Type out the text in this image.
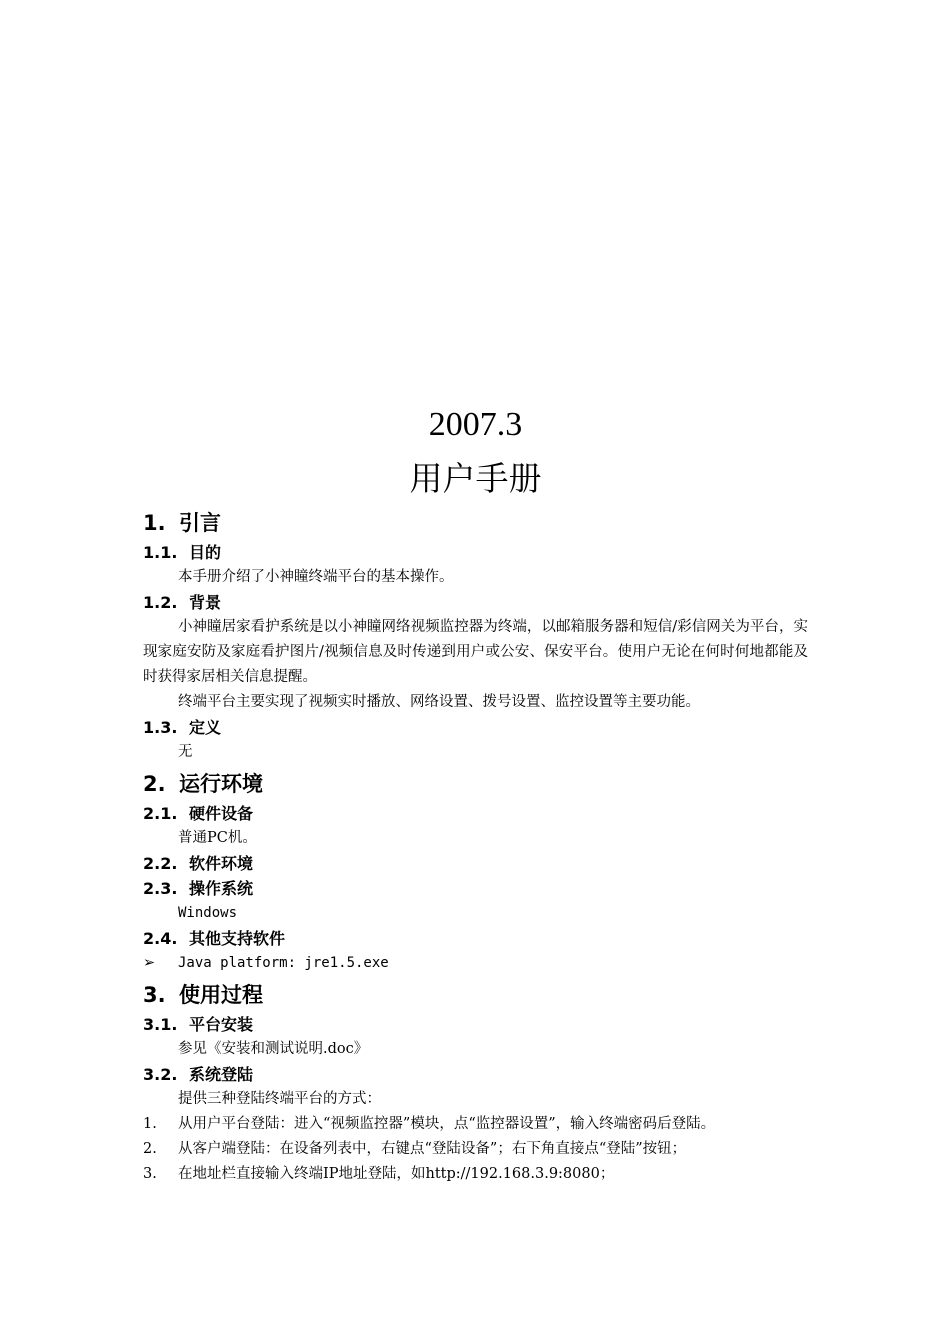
2007.3
用户手册
1. 引言
1.1. 目的

本手册介绍了小神瞳终端平台的基本操作。

1.2. 背景

小神瞳居家看护系统是以小神瞳网络视频监控器为终端，以邮箱服务器和短信/彩信网关为平台，实现家庭安防及家庭看护图片/视频信息及时传递到用户或公安、保安平台。使用户无论在何时何地都能及时获得家居相关信息提醒。

终端平台主要实现了视频实时播放、网络设置、拨号设置、监控设置等主要功能。

1.3. 定义

无

2. 运行环境
2.1. 硬件设备

普通PC机。

2.2. 软件环境
2.3. 操作系统

Windows

2.4. 其他支持软件
➢	Java platform: jre1.5.exe
3. 使用过程
3.1. 平台安装

参见《安装和测试说明.doc》

3.2. 系统登陆

提供三种登陆终端平台的方式：

1.	从用户平台登陆：进入“视频监控器”模块，点“监控器设置”，输入终端密码后登陆。
2.	从客户端登陆：在设备列表中，右键点“登陆设备”；右下角直接点“登陆”按钮；
3.	在地址栏直接输入终端IP地址登陆，如http://192.168.3.9:8080；
